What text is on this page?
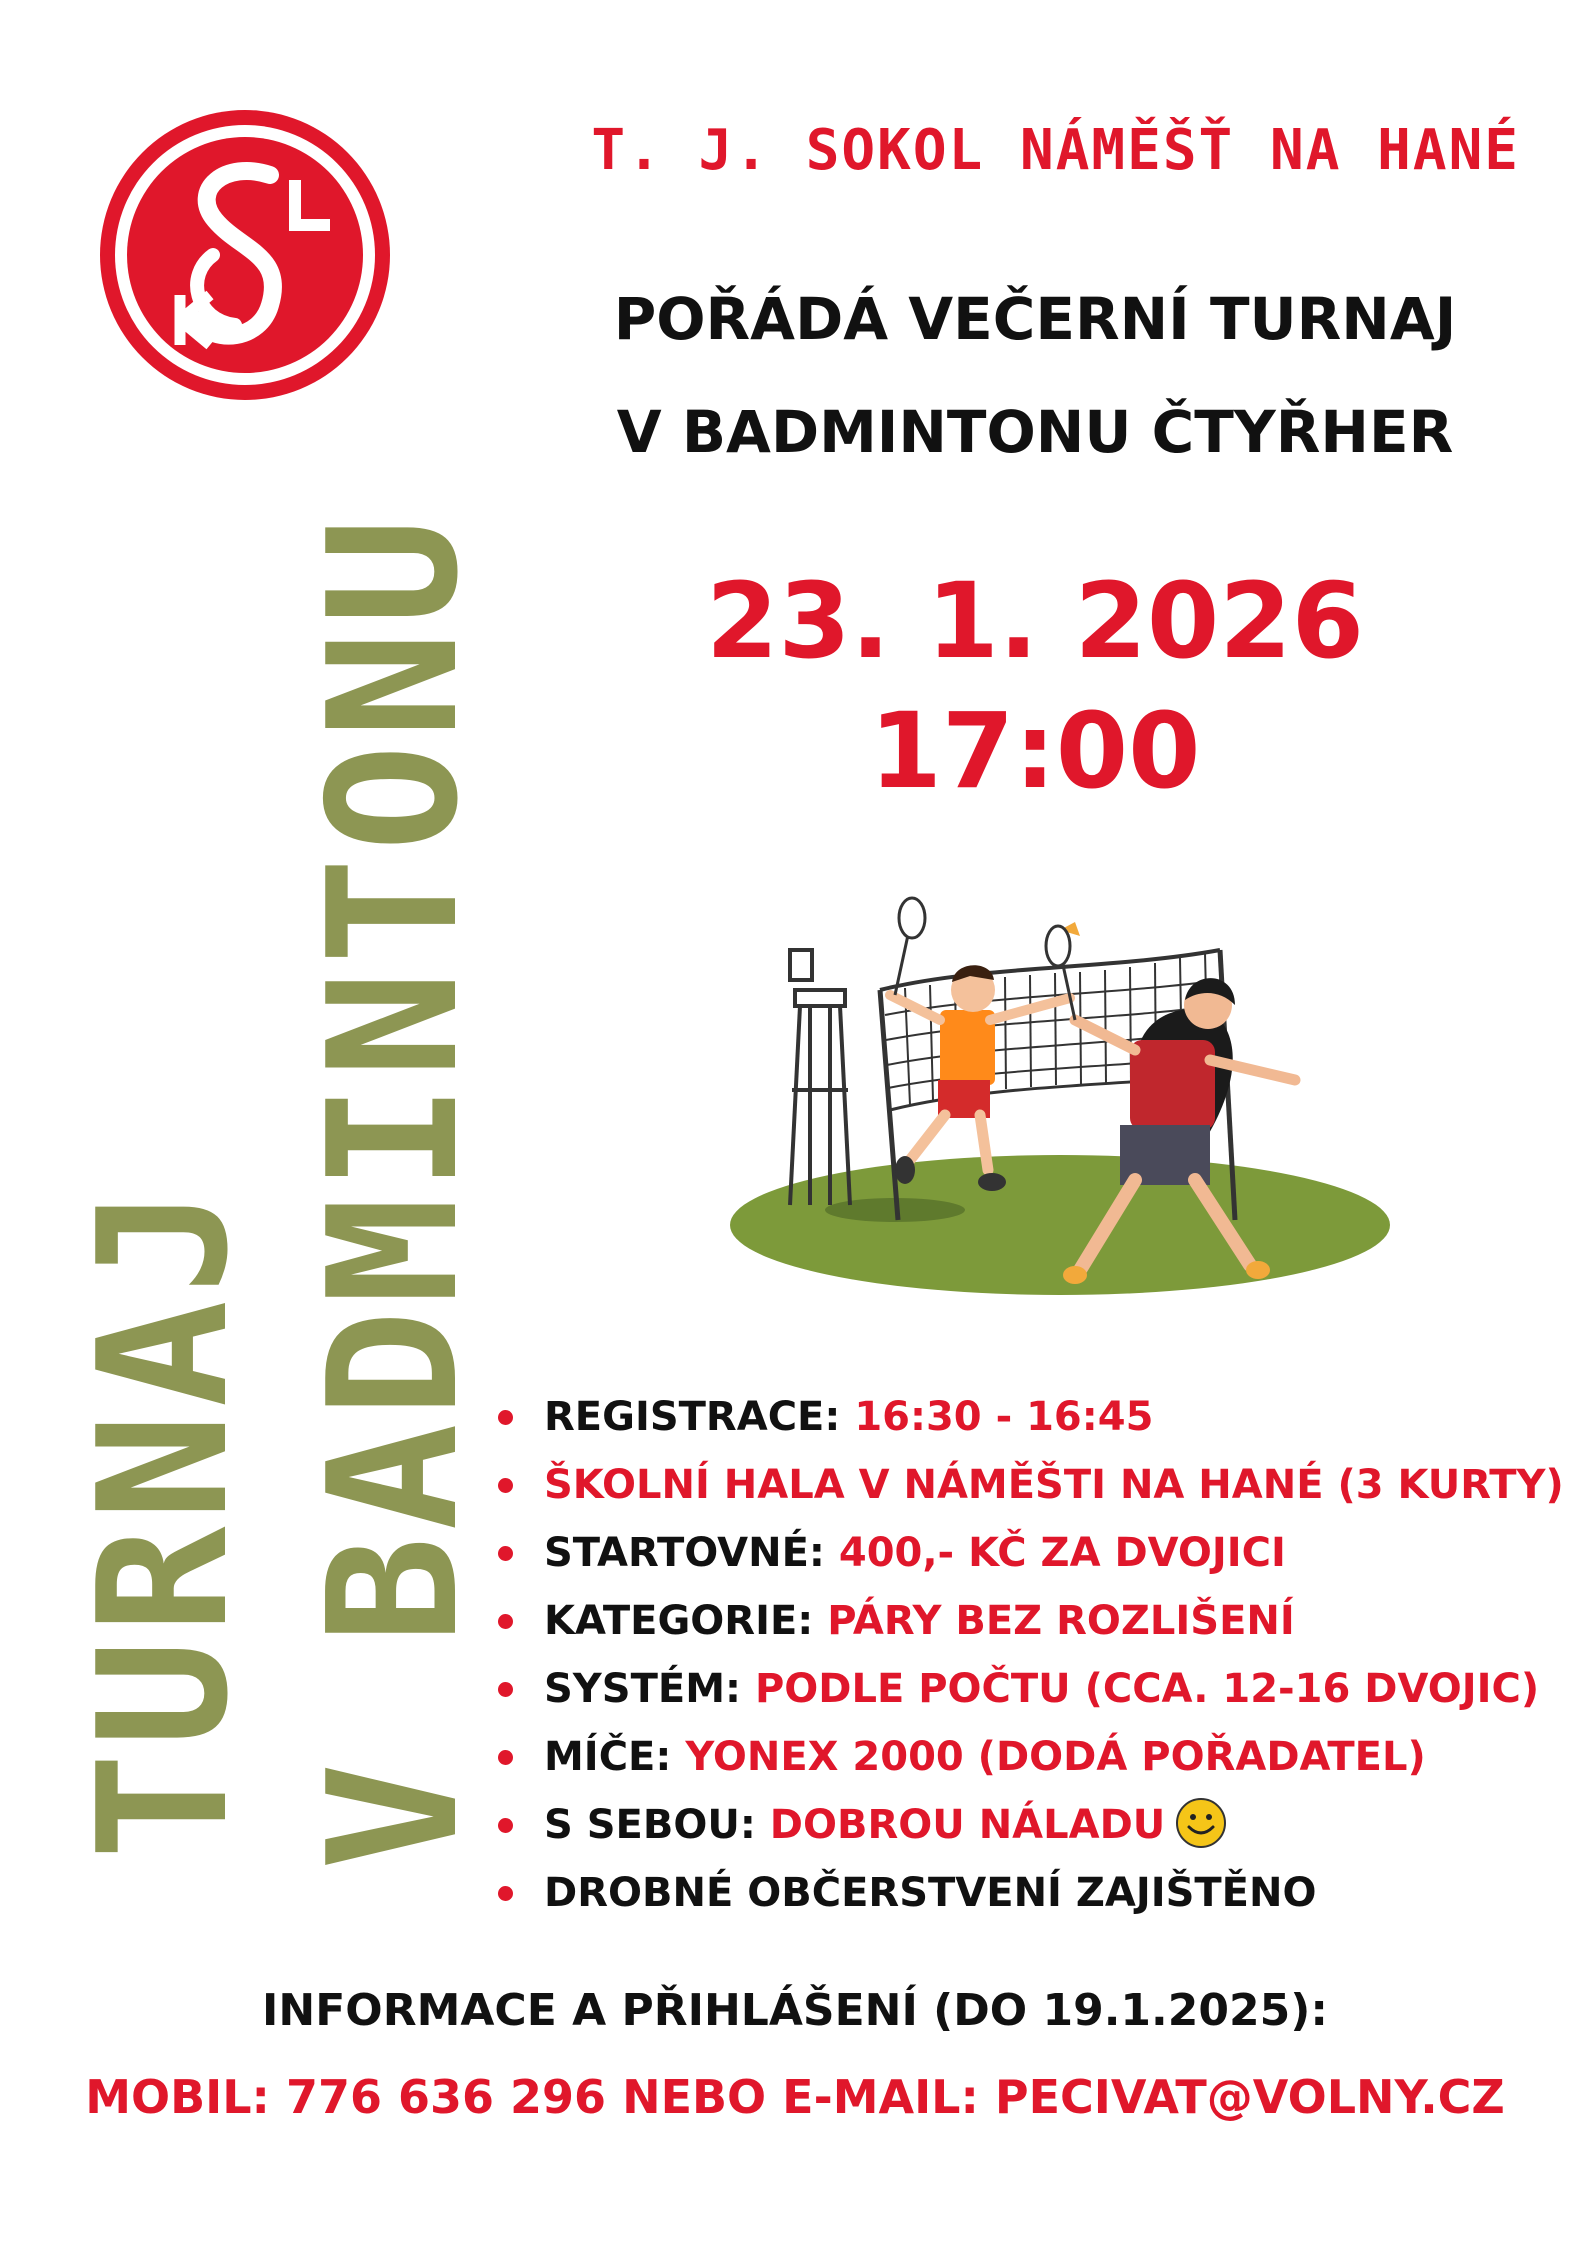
T. J. SOKOL NÁMĚŠŤ NA HANÉ
POŘÁDÁ VEČERNÍ TURNAJ
V BADMINTONU ČTYŘHER
23. 1. 2026
17:00
TURNAJ V BADMINTONU	REGISTRACE: 16:30 - 16:45
ŠKOLNÍ HALA V NÁMĚŠTI NA HANÉ (3 KURTY)
STARTOVNÉ: 400,- KČ ZA DVOJICI
KATEGORIE: PÁRY BEZ ROZLIŠENÍ
SYSTÉM: PODLE POČTU (CCA. 12-16 DVOJIC)
MÍČE: YONEX 2000 (DODÁ POŘADATEL)
S SEBOU: DOBROU NÁLADU
DROBNÉ OBČERSTVENÍ ZAJIŠTĚNO
INFORMACE A PŘIHLÁŠENÍ (DO 19.1.2025):
MOBIL: 776 636 296 NEBO E-MAIL: PECIVAT@VOLNY.CZ
